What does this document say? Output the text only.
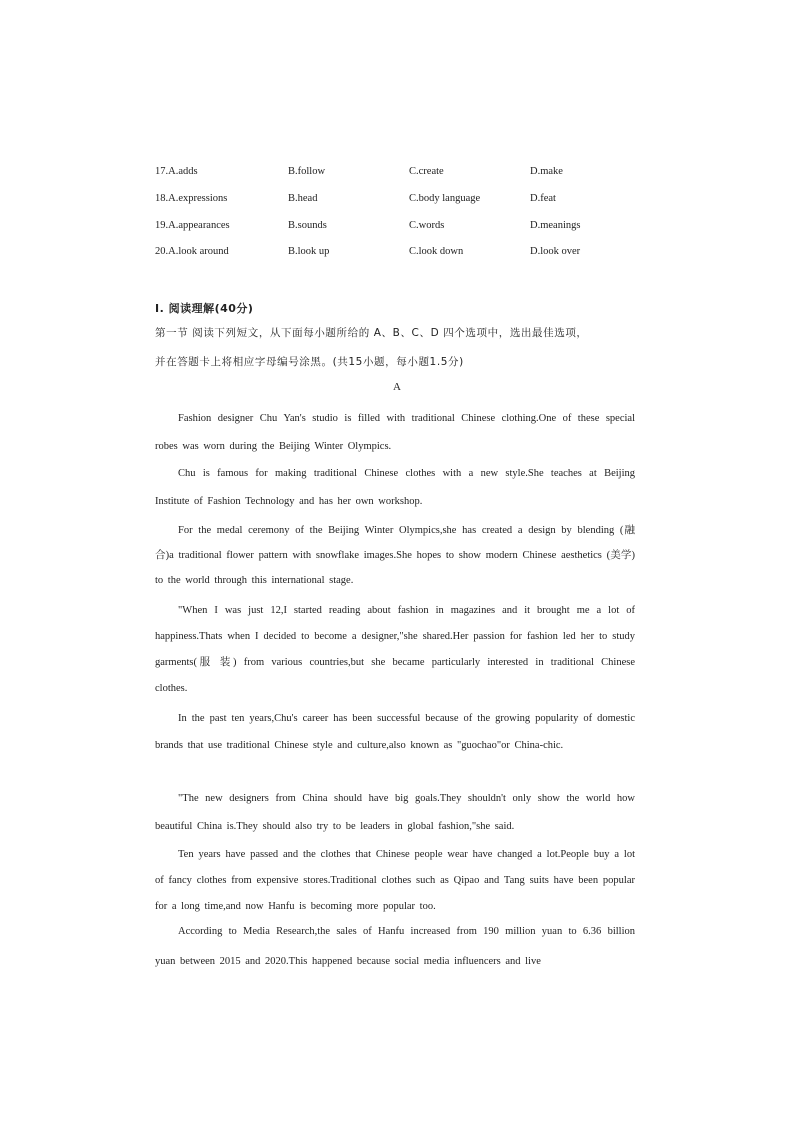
17.A.adds	B.follow	C.create	D.make
18.A.expressions	B.head	C.body language	D.feat
19.A.appearances	B.sounds	C.words	D.meanings
20.A.look around	B.look up	C.look down	D.look over
I. 阅读理解(40分)
第一节 阅读下列短文，从下面每小题所给的 A、B、C、D 四个选项中，选出最佳选项，
并在答题卡上将相应字母编号涂黑。(共15小题，每小题1.5分)
A

Fashion designer Chu Yan's studio is filled with traditional Chinese clothing.One of these special robes was worn during the Beijing Winter Olympics.

Chu is famous for making traditional Chinese clothes with a new style.She teaches at Beijing Institute of Fashion Technology and has her own workshop.

For the medal ceremony of the Beijing Winter Olympics,she has created a design by blending (融合)a traditional flower pattern with snowflake images.She hopes to show modern Chinese aesthetics (美学) to the world through this international stage.

"When I was just 12,I started reading about fashion in magazines and it brought me a lot of happiness.Thats when I decided to become a designer,"she shared.Her passion for fashion led her to study garments(服 装) from various countries,but she became particularly interested in traditional Chinese clothes.

In the past ten years,Chu's career has been successful because of the growing popularity of domestic brands that use traditional Chinese style and culture,also known as "guochao"or China-chic.

"The new designers from China should have big goals.They shouldn't only show the world how beautiful China is.They should also try to be leaders in global fashion,"she said.

Ten years have passed and the clothes that Chinese people wear have changed a lot.People buy a lot of fancy clothes from expensive stores.Traditional clothes such as Qipao and Tang suits have been popular for a long time,and now Hanfu is becoming more popular too.

According to Media Research,the sales of Hanfu increased from 190 million yuan to 6.36 billion yuan between 2015 and 2020.This happened because social media influencers and live
